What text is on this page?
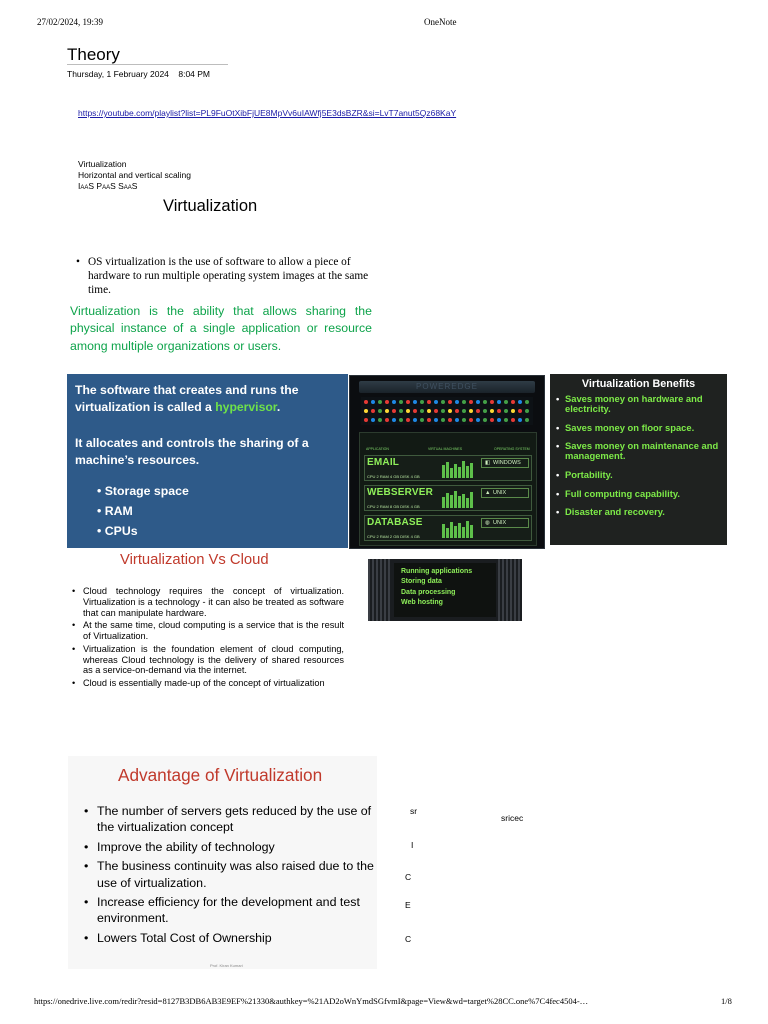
27/02/2024, 19:39	OneNote
Theory
Thursday, 1 February 2024 8:04 PM
https://youtube.com/playlist?list=PL9FuOtXibFjUE8MpVv6uIAWfj5E3dsBZR&si=LvT7anut5Qz68KaY
Virtualization
Horizontal and vertical scaling
IaaS PaaS SaaS
Virtualization
• OS virtualization is the use of software to allow a piece of hardware to run multiple operating system images at the same time.
Virtualization is the ability that allows sharing the physical instance of a single application or resource among multiple organizations or users.
The software that creates and runs the virtualization is called a hypervisor.
It allocates and controls the sharing of a machine’s resources.
• Storage space
• RAM
• CPUs
POWEREDGE
APPLICATION	VIRTUAL MACHINES	OPERATING SYSTEM
EMAIL
CPU 2 RAM 4 GB DISK 4 GB
◧ WINDOWS
WEBSERVER
CPU 2 RAM 8 GB DISK 4 GB
▲ UNIX
DATABASE
CPU 2 RAM 2 GB DISK 4 GB
◍ UNIX
Virtualization Benefits
• Saves money on hardware and electricity.
• Saves money on floor space.
• Saves money on maintenance and management.
• Portability.
• Full computing capability.
• Disaster and recovery.
Virtualization Vs Cloud
• Cloud technology requires the concept of virtualization. Virtualization is a technology - it can also be treated as software that can manipulate hardware.
• At the same time, cloud computing is a service that is the result of Virtualization.
• Virtualization is the foundation element of cloud computing, whereas Cloud technology is the delivery of shared resources as a service-on-demand via the internet.
• Cloud is essentially made-up of the concept of virtualization
Running applications
Storing data
Data processing
Web hosting
Advantage of Virtualization
• The number of servers gets reduced by the use of the virtualization concept
• Improve the ability of technology
• The business continuity was also raised due to the use of virtualization.
• Increase efficiency for the development and test environment.
• Lowers Total Cost of Ownership
Prof. Kiran Kumari
sr
I
C
E
C
sricec
https://onedrive.live.com/redir?resid=8127B3DB6AB3E9EF%21330&authkey=%21AD2oWnYmdSGfvmI&page=View&wd=target%28CC.one%7C4fec4504-…	1/8
